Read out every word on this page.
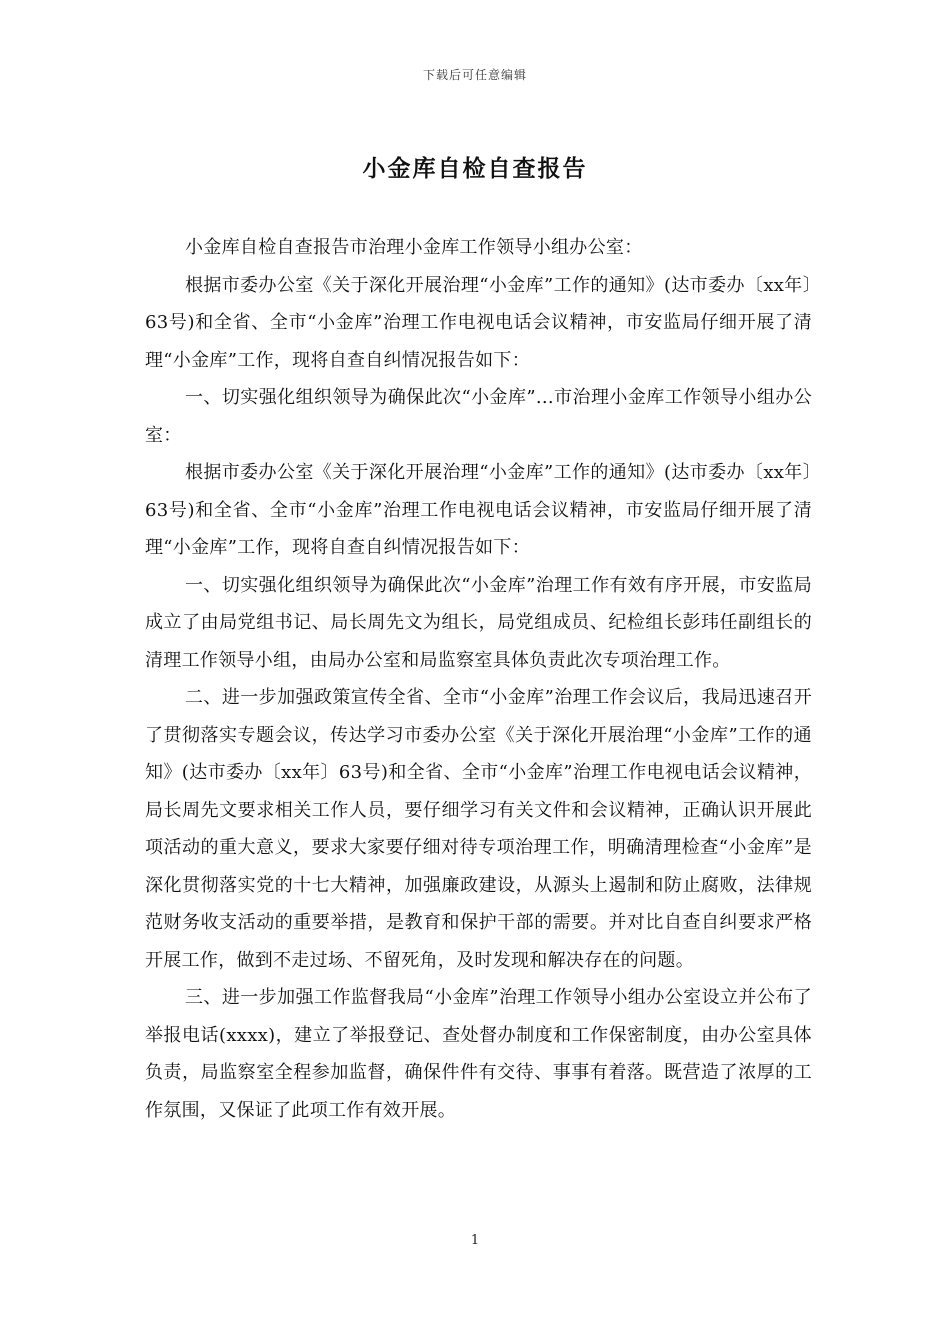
下载后可任意编辑
小金库自检自查报告

小金库自检自查报告市治理小金库工作领导小组办公室：

根据市委办公室《关于深化开展治理“小金库”工作的通知》(达市委办〔xx年〕63号)和全省、全市“小金库”治理工作电视电话会议精神，市安监局仔细开展了清理“小金库”工作，现将自查自纠情况报告如下：

一、切实强化组织领导为确保此次“小金库”...市治理小金库工作领导小组办公室：

根据市委办公室《关于深化开展治理“小金库”工作的通知》(达市委办〔xx年〕63号)和全省、全市“小金库”治理工作电视电话会议精神，市安监局仔细开展了清理“小金库”工作，现将自查自纠情况报告如下：

一、切实强化组织领导为确保此次“小金库”治理工作有效有序开展，市安监局成立了由局党组书记、局长周先文为组长，局党组成员、纪检组长彭玮任副组长的清理工作领导小组，由局办公室和局监察室具体负责此次专项治理工作。

二、进一步加强政策宣传全省、全市“小金库”治理工作会议后，我局迅速召开了贯彻落实专题会议，传达学习市委办公室《关于深化开展治理“小金库”工作的通知》(达市委办〔xx年〕63号)和全省、全市“小金库”治理工作电视电话会议精神，局长周先文要求相关工作人员，要仔细学习有关文件和会议精神，正确认识开展此项活动的重大意义，要求大家要仔细对待专项治理工作，明确清理检查“小金库”是深化贯彻落实党的十七大精神，加强廉政建设，从源头上遏制和防止腐败，法律规范财务收支活动的重要举措，是教育和保护干部的需要。并对比自查自纠要求严格开展工作，做到不走过场、不留死角，及时发现和解决存在的问题。

三、进一步加强工作监督我局“小金库”治理工作领导小组办公室设立并公布了举报电话(xxxx)，建立了举报登记、查处督办制度和工作保密制度，由办公室具体负责，局监察室全程参加监督，确保件件有交待、事事有着落。既营造了浓厚的工作氛围，又保证了此项工作有效开展。

1
